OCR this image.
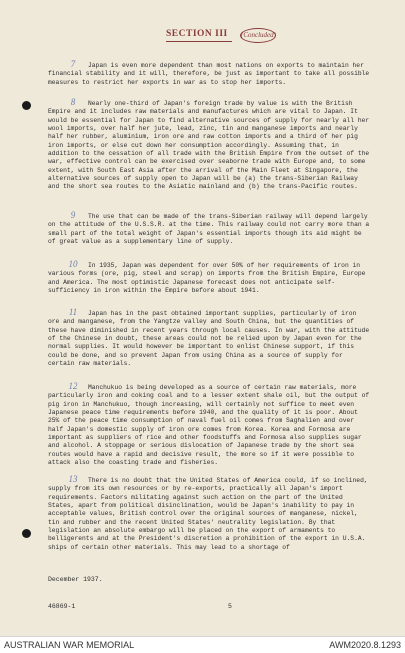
SECTION III (Concluded)

7 Japan is even more dependent than most nations on exports to maintain her financial stability and it will, therefore, be just as important to take all possible measures to restrict her exports in war as to stop her imports.

8 Nearly one-third of Japan's foreign trade by value is with the British Empire and it includes raw materials and manufactures which are vital to Japan. It would be essential for Japan to find alternative sources of supply for nearly all her wool imports, over half her jute, lead, zinc, tin and manganese imports and nearly half her rubber, aluminium, iron ore and raw cotton imports and a third of her pig iron imports, or else cut down her consumption accordingly. Assuming that, in addition to the cessation of all trade with the British Empire from the outset of the war, effective control can be exercised over seaborne trade with Europe and, to some extent, with South East Asia after the arrival of the Main Fleet at Singapore, the alternative sources of supply open to Japan will be (a) the trans-Siberian Railway and the short sea routes to the Asiatic mainland and (b) the trans-Pacific routes.

9 The use that can be made of the trans-Siberian railway will depend largely on the attitude of the U.S.S.R. at the time. This railway could not carry more than a small part of the total weight of Japan's essential imports though its aid might be of great value as a supplementary line of supply.

10 In 1935, Japan was dependent for over 50% of her requirements of iron in various forms (ore, pig, steel and scrap) on imports from the British Empire, Europe and America. The most optimistic Japanese forecast does not anticipate self-sufficiency in iron within the Empire before about 1941.

11 Japan has in the past obtained important supplies, particularly of iron ore and manganese, from the Yangtze valley and South China, but the quantities of these have diminished in recent years through local causes. In war, with the attitude of the Chinese in doubt, these areas could not be relied upon by Japan even for the normal supplies. It would however be important to enlist Chinese support, if this could be done, and so prevent Japan from using China as a source of supply for certain raw materials.

12 Manchukuo is being developed as a source of certain raw materials, more particularly iron and coking coal and to a lesser extent shale oil, but the output of pig iron in Manchukuo, though increasing, will certainly not suffice to meet even Japanese peace time requirements before 1940, and the quality of it is poor. About 25% of the peace time consumption of naval fuel oil comes from Saghalien and over half Japan's domestic supply of iron ore comes from Korea. Korea and Formosa are important as suppliers of rice and other foodstuffs and Formosa also supplies sugar and alcohol. A stoppage or serious dislocation of Japanese trade by the short sea routes would have a rapid and decisive result, the more so if it were possible to attack also the coasting trade and fisheries.

13 There is no doubt that the United States of America could, if so inclined, supply from its own resources or by re-exports, practically all Japan's import requirements. Factors militating against such action on the part of the United States, apart from political disinclination, would be Japan's inability to pay in acceptable values, British control over the original sources of manganese, nickel, tin and rubber and the recent United States' neutrality legislation. By that legislation an absolute embargo will be placed on the export of armaments to belligerents and at the President's discretion a prohibition of the export in U.S.A. ships of certain other materials. This may lead to a shortage of

December 1937.
46869-1	5
AUSTRALIAN WAR MEMORIAL	AWM2020.8.1293
